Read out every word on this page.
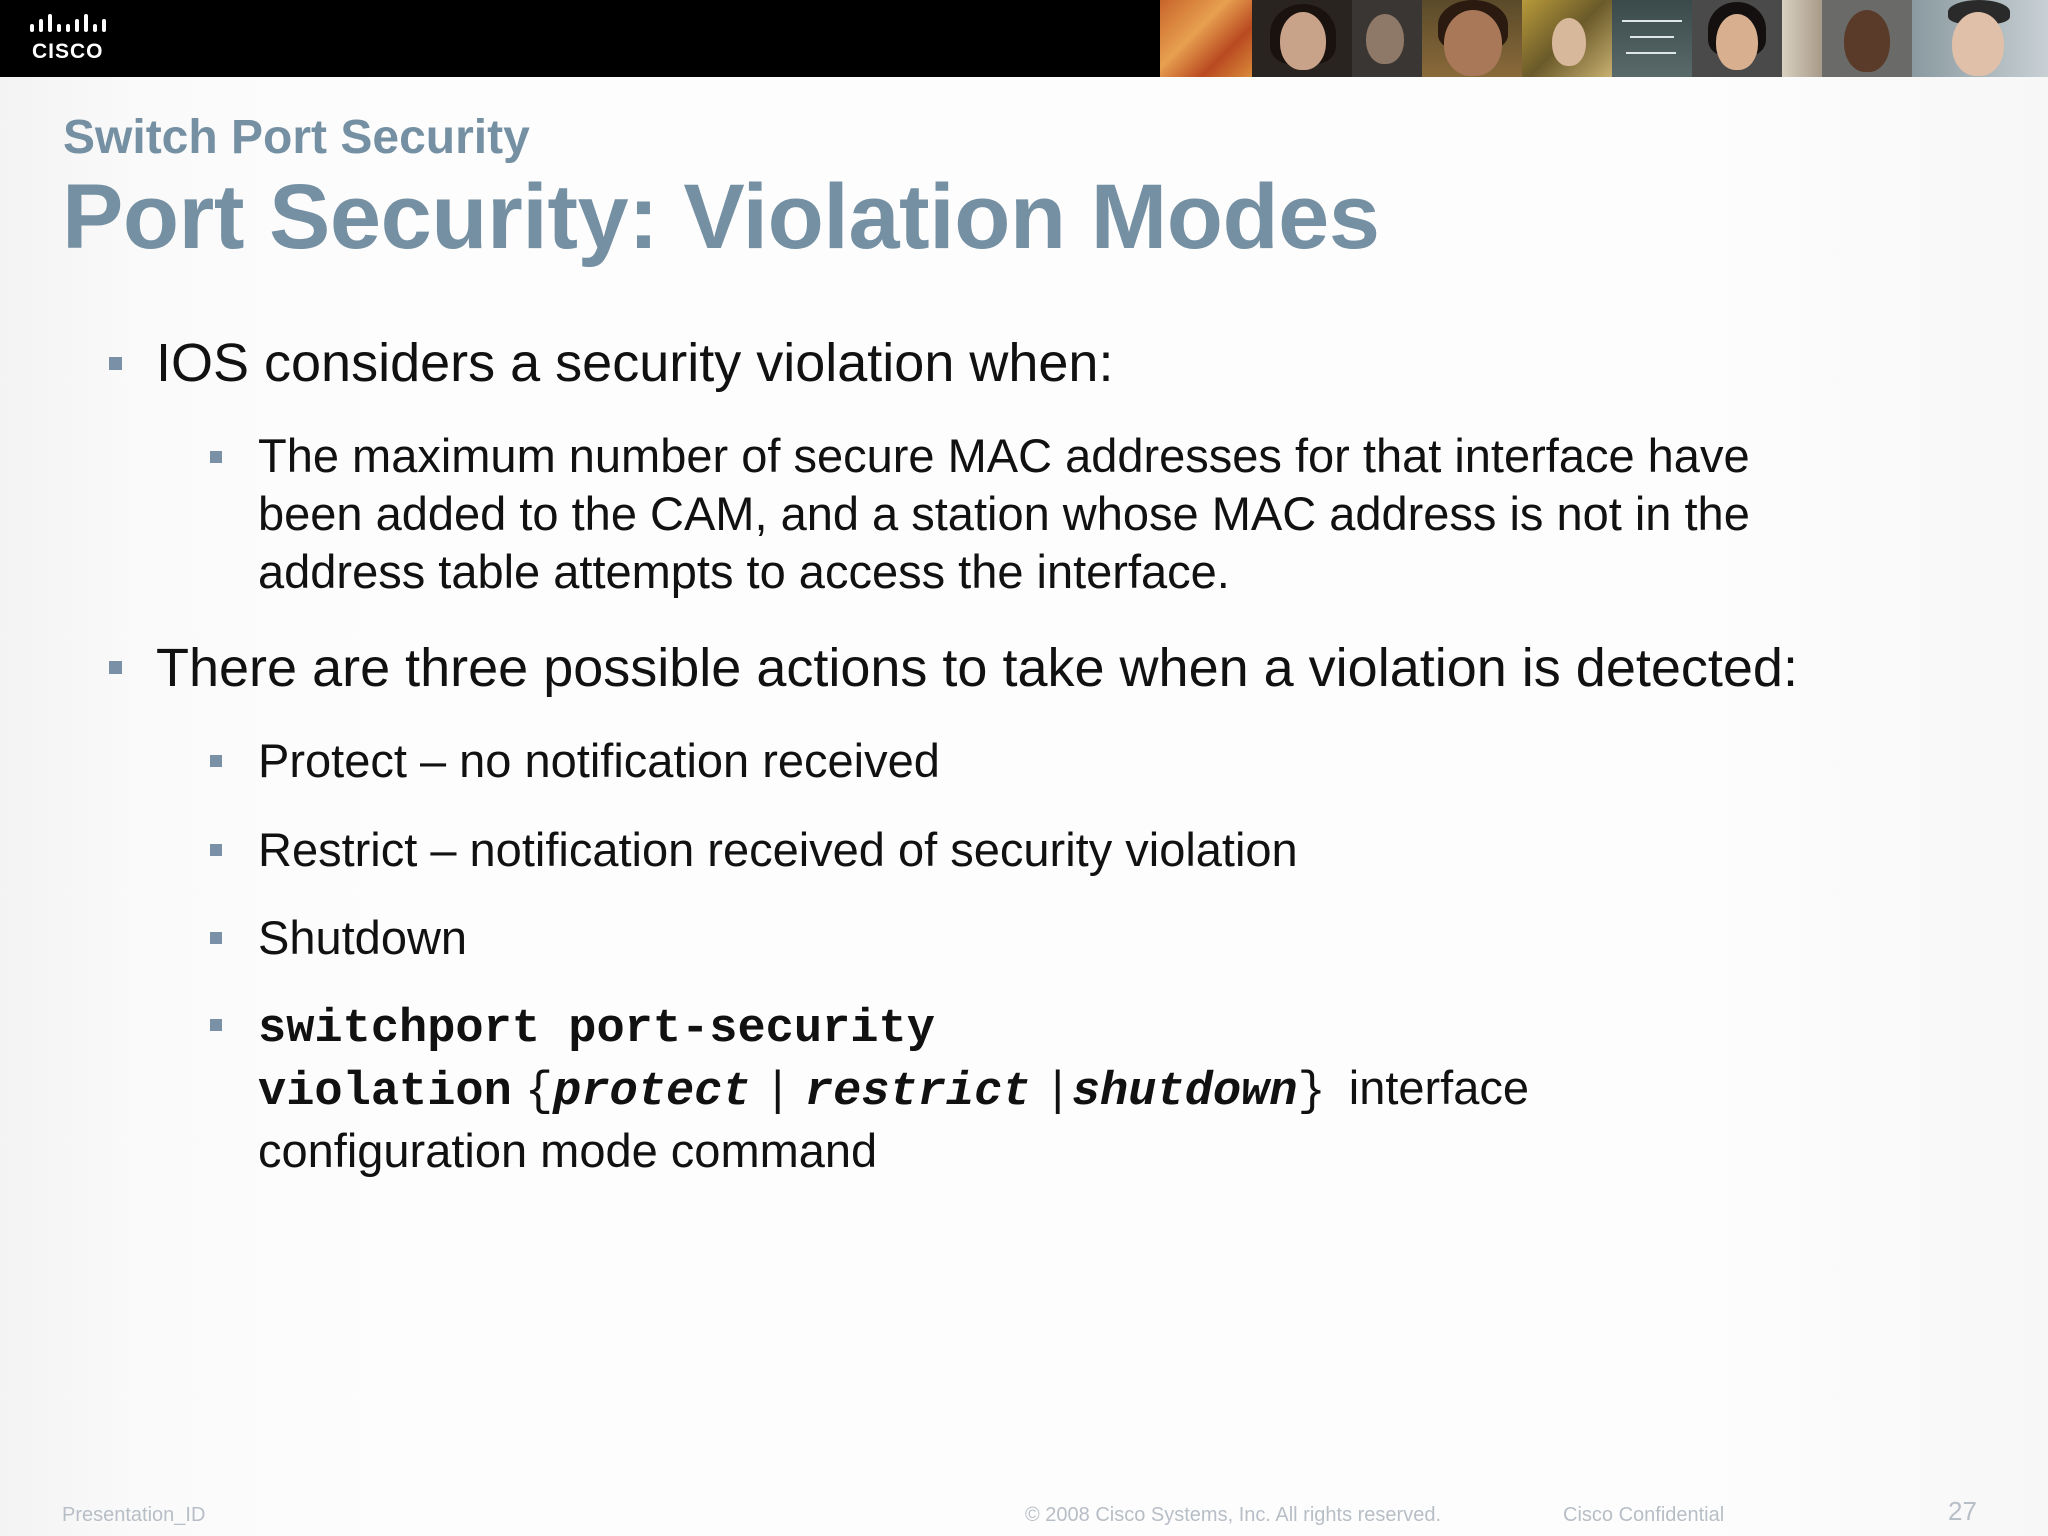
CISCO
Switch Port Security
Port Security: Violation Modes
IOS considers a security violation when:
The maximum number of secure MAC addresses for that interface have
been added to the CAM, and a station whose MAC address is not in the
address table attempts to access the interface.
There are three possible actions to take when a violation is detected:
Protect – no notification received
Restrict – notification received of security violation
Shutdown
switchport port-security
violation {protect | restrict |shutdown} interface
configuration mode command
Presentation_ID	© 2008 Cisco Systems, Inc. All rights reserved.	Cisco Confidential	27
